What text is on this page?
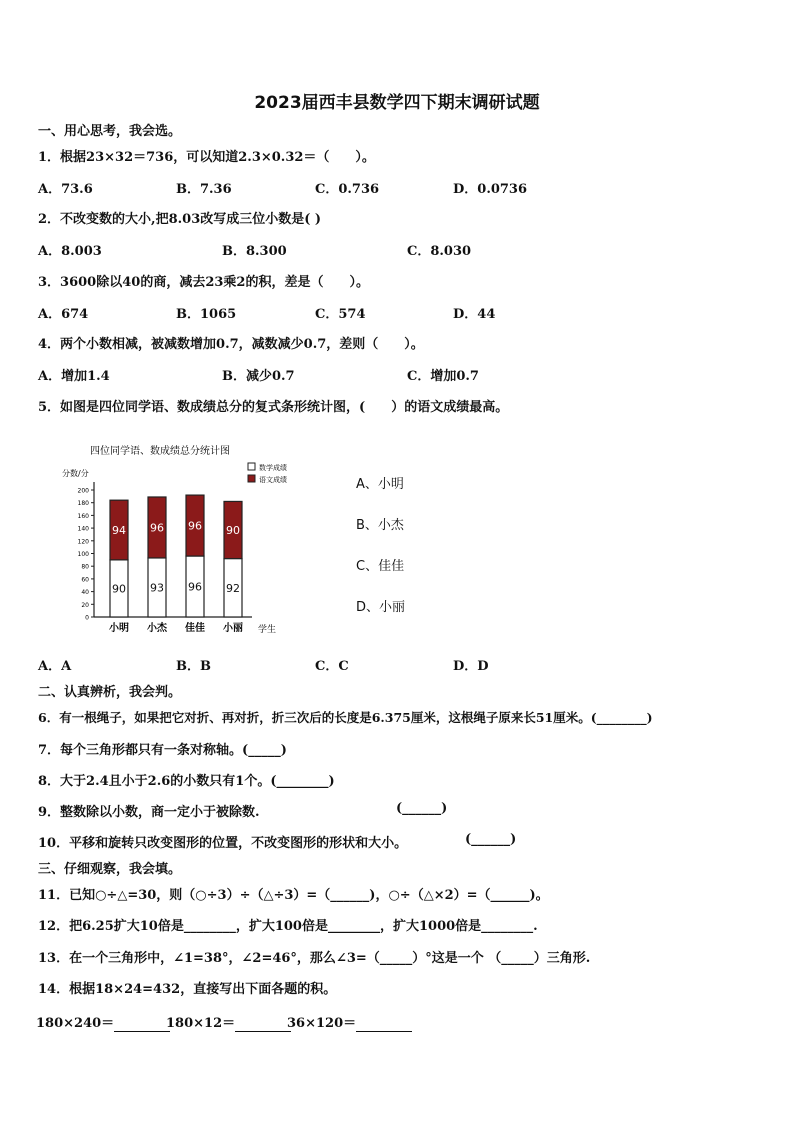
2023届西丰县数学四下期末调研试题
一、用心思考，我会选。
1．根据23×32＝736，可以知道2.3×0.32＝（　　）。
A．73.6	B．7.36	C．0.736	D．0.0736
2．不改变数的大小,把8.03改写成三位小数是( )
A．8.003	B．8.300	C．8.030
3．3600除以40的商，减去23乘2的积，差是（　　）。
A．674	B．1065	C．574	D．44
4．两个小数相减，被减数增加0.7，减数减少0.7，差则（　　）。
A．增加1.4	B．减少0.7	C．增加0.7
5．如图是四位同学语、数成绩总分的复式条形统计图，(　　）的语文成绩最高。
四位同学语、数成绩总分统计图
分数/分
学生
数学成绩
语文成绩
0
20
40
60
80
100
120
140
160
180
200
90
94
小明
93
96
小杰
96
96
佳佳
92
90
小丽
A、小明
B、小杰
C、佳佳
D、小丽
A．A	B．B	C．C	D．D
二、认真辨析，我会判。
6．有一根绳子，如果把它对折、再对折，折三次后的长度是6.375厘米，这根绳子原来长51厘米。(________)
7．每个三角形都只有一条对称轴。(_____)
8．大于2.4且小于2.6的小数只有1个。(________)
9．整数除以小数，商一定小于被除数.	(______)
10．平移和旋转只改变图形的位置，不改变图形的形状和大小。	(______)
三、仔细观察，我会填。
11．已知○÷△=30，则（○÷3）÷（△÷3）=（______)，○÷（△×2）=（______)。
12．把6.25扩大10倍是________，扩大100倍是________，扩大1000倍是________.
13．在一个三角形中，∠1=38°，∠2=46°，那么∠3=（_____）°这是一个 （_____）三角形.
14．根据18×24=432，直接写出下面各题的积。
180×240＝	180×12＝	36×120＝
